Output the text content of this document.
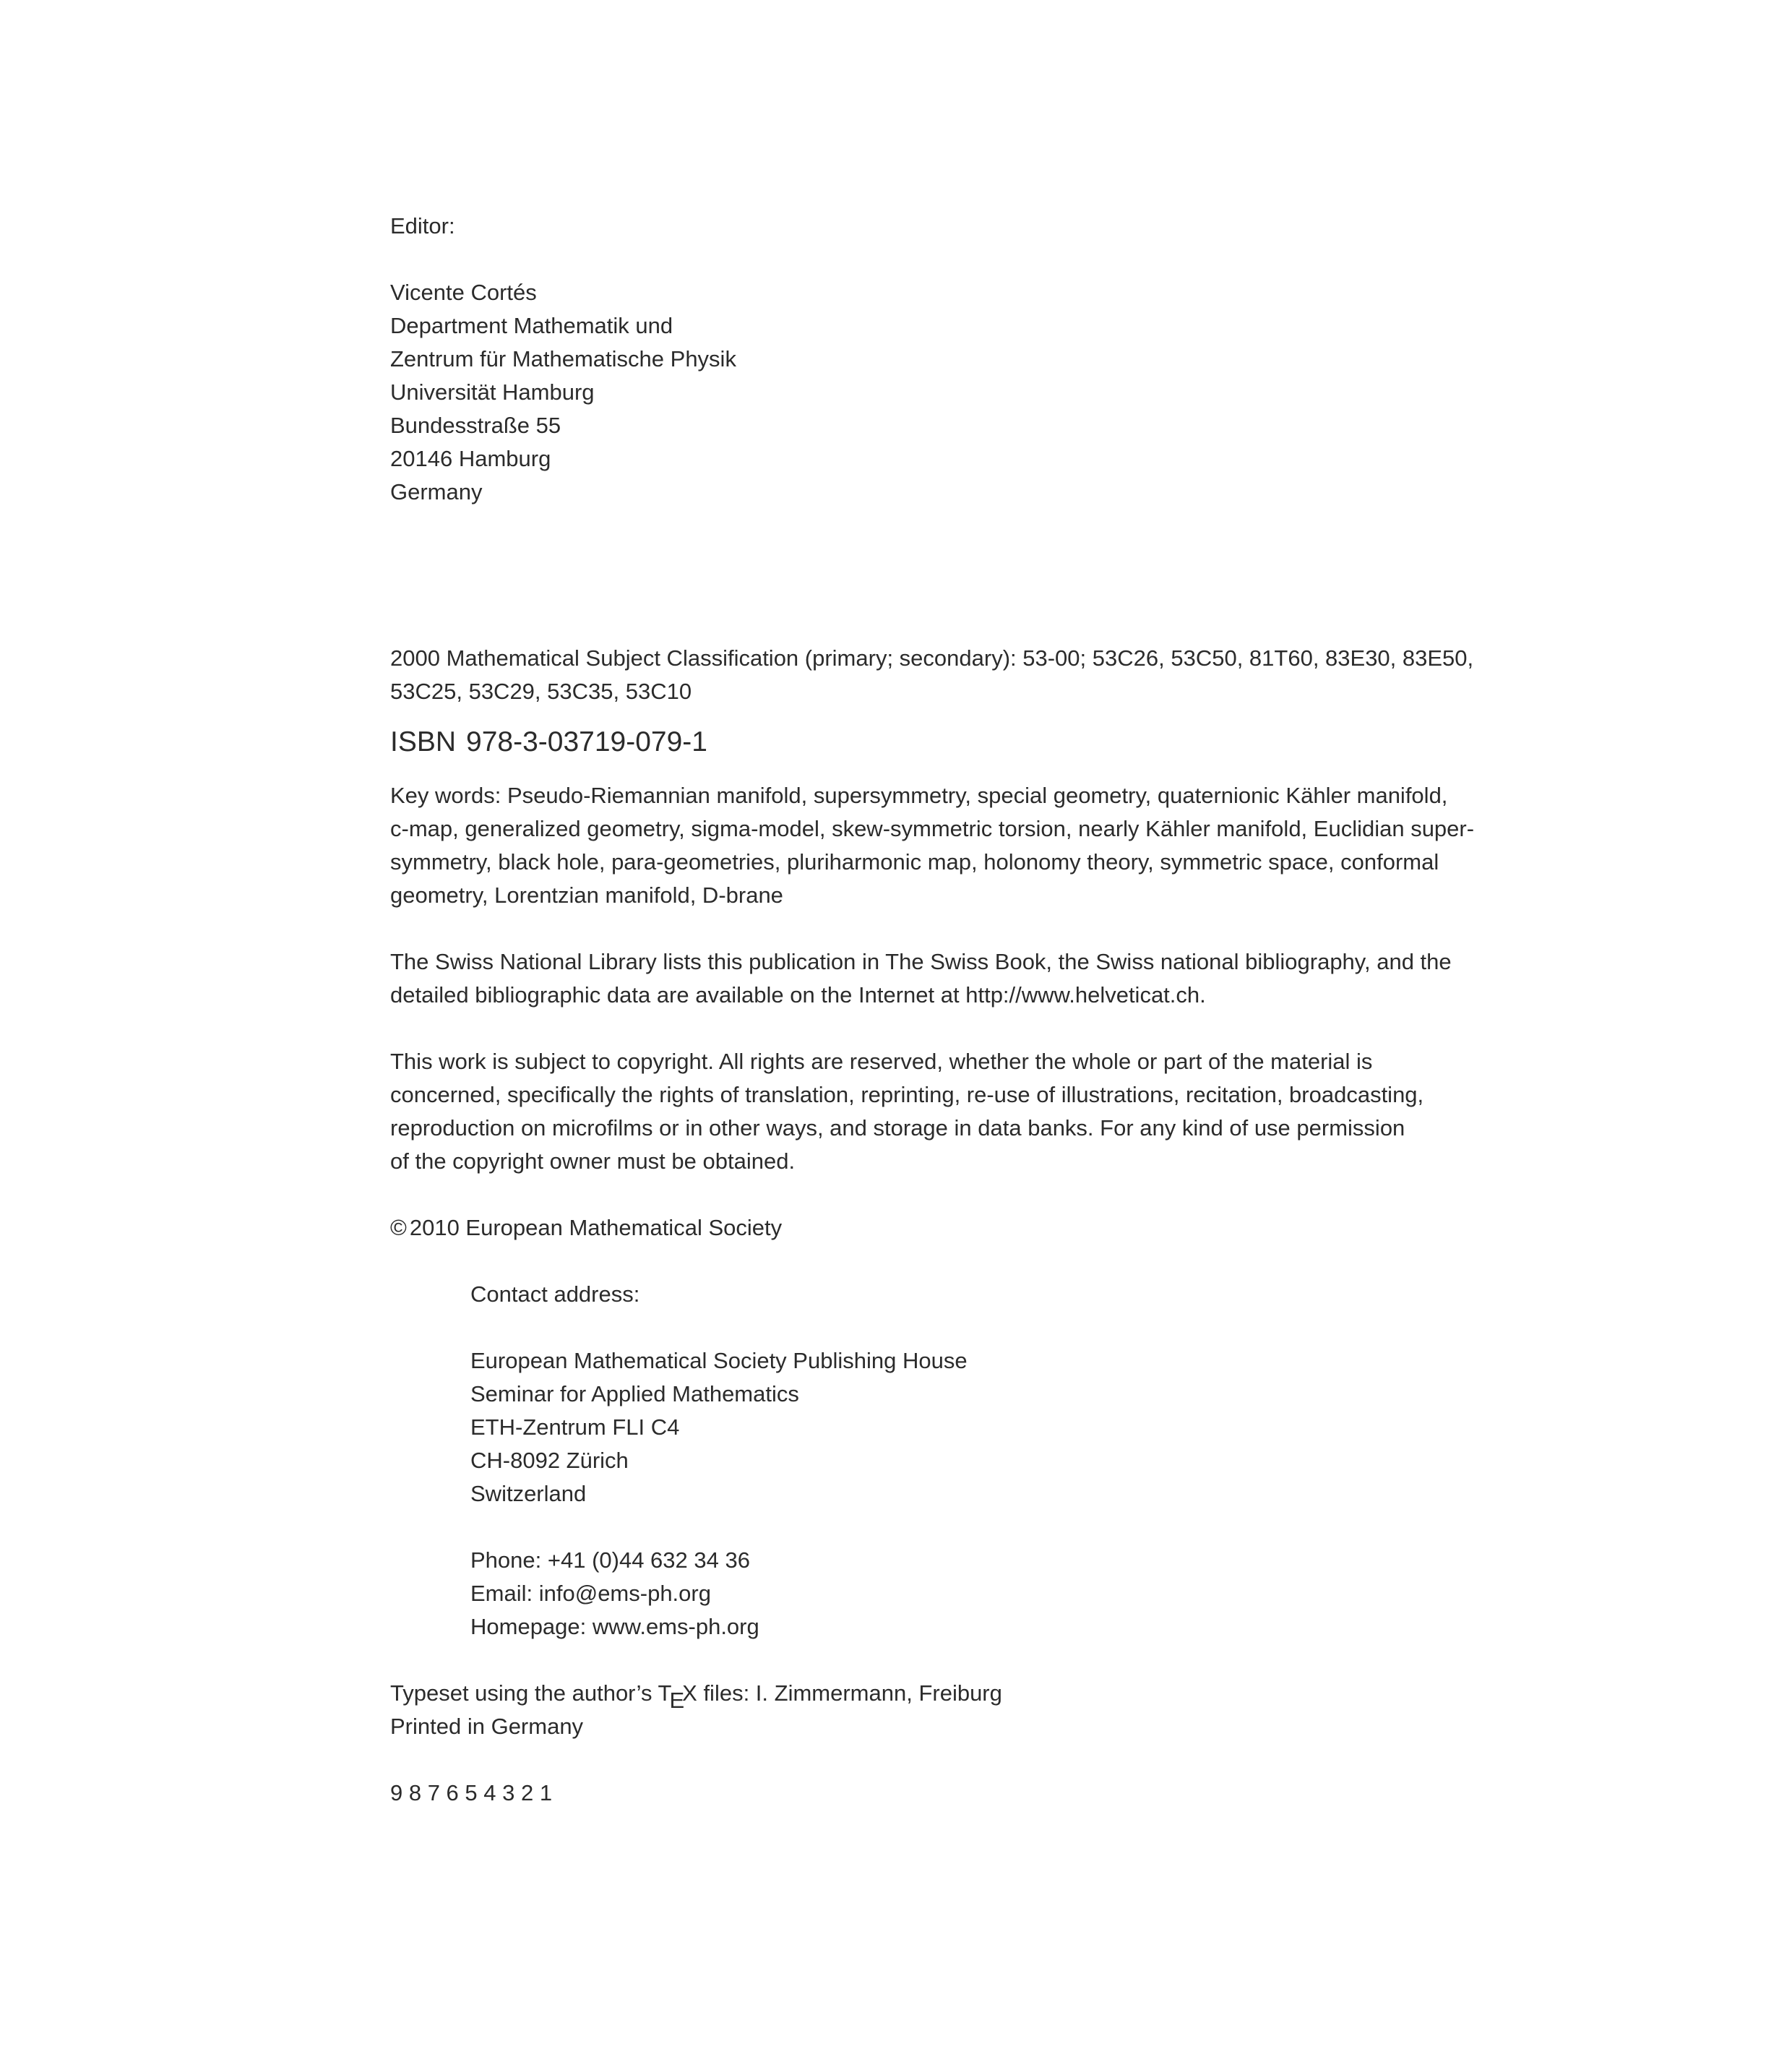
Editor:
Vicente Cortés
Department Mathematik und
Zentrum für Mathematische Physik
Universität Hamburg
Bundesstraße 55
20146 Hamburg
Germany
2000 Mathematical Subject Classification (primary; secondary): 53-00; 53C26, 53C50, 81T60, 83E30, 83E50,
53C25, 53C29, 53C35, 53C10
ISBN 978-3-03719-079-1
Key words: Pseudo-Riemannian manifold, supersymmetry, special geometry, quaternionic Kähler manifold,
c-map, generalized geometry, sigma-model, skew-symmetric torsion, nearly Kähler manifold, Euclidian super-
symmetry, black hole, para-geometries, pluriharmonic map, holonomy theory, symmetric space, conformal
geometry, Lorentzian manifold, D-brane
The Swiss National Library lists this publication in The Swiss Book, the Swiss national bibliography, and the
detailed bibliographic data are available on the Internet at http://www.helveticat.ch.
This work is subject to copyright. All rights are reserved, whether the whole or part of the material is
concerned, specifically the rights of translation, reprinting, re-use of illustrations, recitation, broadcasting,
reproduction on microfilms or in other ways, and storage in data banks. For any kind of use permission
of the copyright owner must be obtained.
© 2010 European Mathematical Society
Contact address:
European Mathematical Society Publishing House
Seminar for Applied Mathematics
ETH-Zentrum FLI C4
CH-8092 Zürich
Switzerland
Phone: +41 (0)44 632 34 36
Email: info@ems-ph.org
Homepage: www.ems-ph.org
Typeset using the author’s TEX files: I. Zimmermann, Freiburg
Printed in Germany
9 8 7 6 5 4 3 2 1
